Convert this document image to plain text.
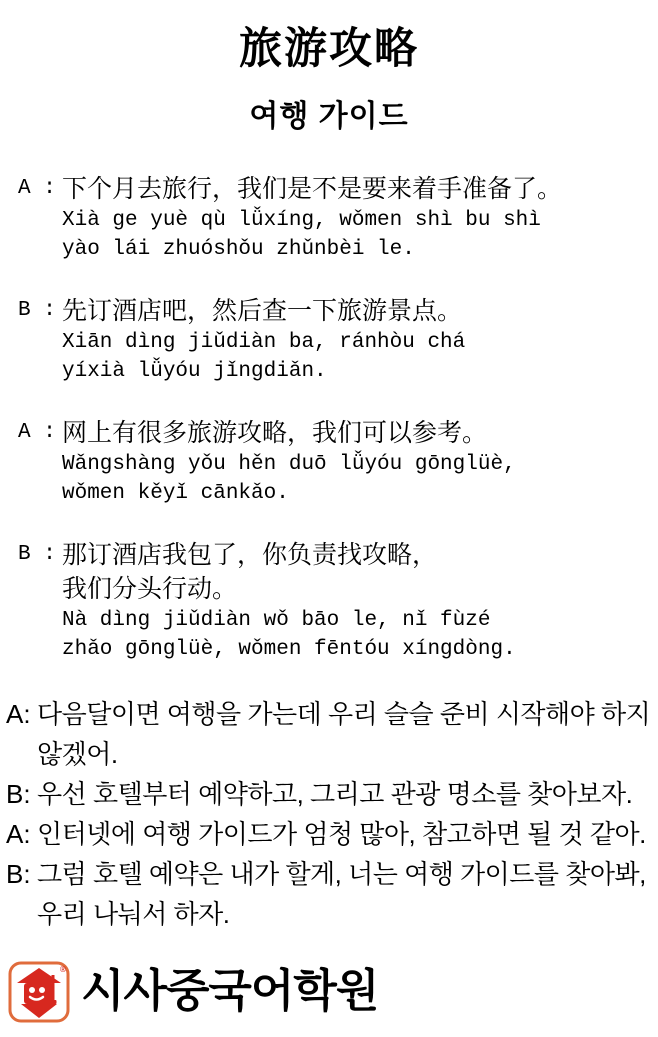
旅游攻略
여행 가이드
A : 下个月去旅行，我们是不是要来着手准备了。
Xià ge yuè qù lǚxíng, wǒmen shì bu shì
yào lái zhuóshǒu zhǔnbèi le.
B : 先订酒店吧，然后查一下旅游景点。
Xiān dìng jiǔdiàn ba, ránhòu chá
yíxià lǚyóu jǐngdiǎn.
A : 网上有很多旅游攻略，我们可以参考。
Wǎngshàng yǒu hěn duō lǚyóu gōnglüè,
wǒmen kěyǐ cānkǎo.
B : 那订酒店我包了，你负责找攻略，
我们分头行动。
Nà dìng jiǔdiàn wǒ bāo le, nǐ fùzé
zhǎo gōnglüè, wǒmen fēntóu xíngdòng.
A: 다음달이면 여행을 가는데 우리 슬슬 준비 시작해야 하지
않겠어.
B: 우선 호텔부터 예약하고, 그리고 관광 명소를 찾아보자.
A: 인터넷에 여행 가이드가 엄청 많아, 참고하면 될 것 같아.
B: 그럼 호텔 예약은 내가 할게, 너는 여행 가이드를 찾아봐,
우리 나눠서 하자.
® 시사중국어학원
